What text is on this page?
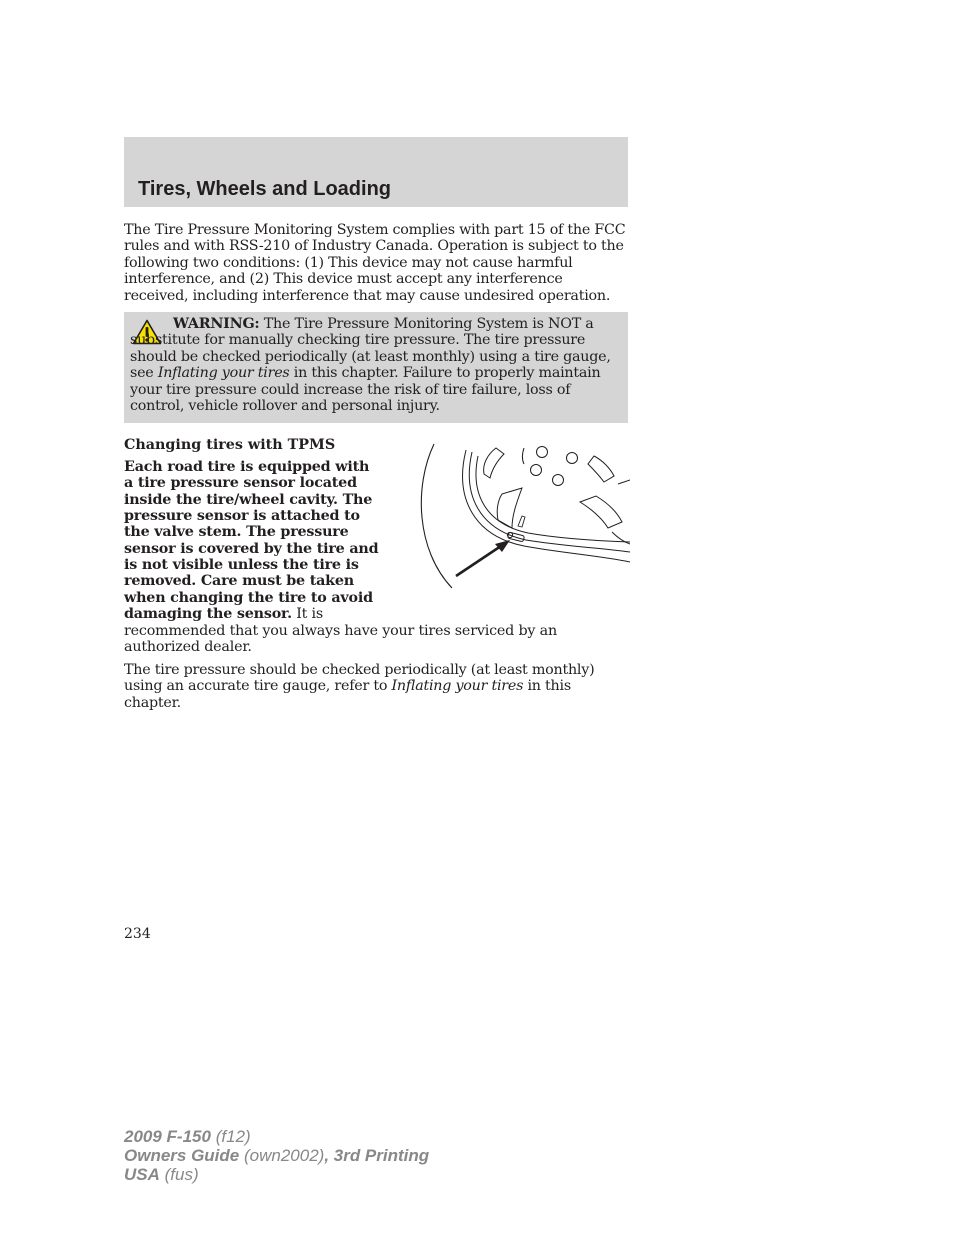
Tires, Wheels and Loading
The Tire Pressure Monitoring System complies with part 15 of the FCC rules and with RSS-210 of Industry Canada. Operation is subject to the following two conditions: (1) This device may not cause harmful interference, and (2) This device must accept any interference received, including interference that may cause undesired operation.
WARNING: The Tire Pressure Monitoring System is NOT a substitute for manually checking tire pressure. The tire pressure should be checked periodically (at least monthly) using a tire gauge, see Inflating your tires in this chapter. Failure to properly maintain your tire pressure could increase the risk of tire failure, loss of control, vehicle rollover and personal injury.
Changing tires with TPMS
Each road tire is equipped with a tire pressure sensor located inside the tire/wheel cavity. The pressure sensor is attached to the valve stem. The pressure sensor is covered by the tire and is not visible unless the tire is removed. Care must be taken when changing the tire to avoid damaging the sensor. It is
recommended that you always have your tires serviced by an authorized dealer.
The tire pressure should be checked periodically (at least monthly) using an accurate tire gauge, refer to Inflating your tires in this chapter.
234
2009 F-150 (f12)
Owners Guide (own2002), 3rd Printing
USA (fus)
